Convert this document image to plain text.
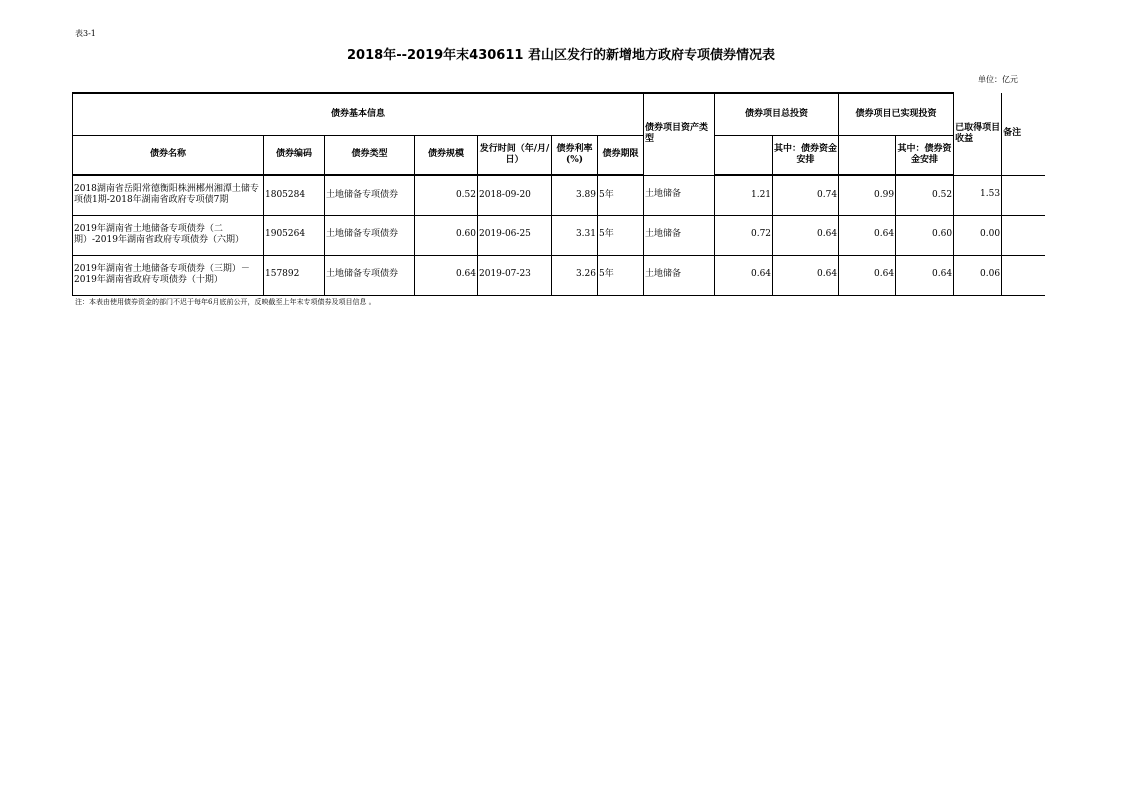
表3-1
2018年--2019年末430611 君山区发行的新增地方政府专项债券情况表
单位：亿元
债券基本信息							债券项目资产类型	债券项目总投资		债券项目已实现投资		已取得项目收益	备注
债券名称	债券编码	债券类型	债券规模	发行时间（年/月/日）	债券利率(%)	债券期限			其中：债券资金安排		其中：债券资金安排		
2018湖南省岳阳常德衡阳株洲郴州湘潭土储专项债1期-2018年湖南省政府专项债7期	1805284	土地储备专项债券	0.52	2018-09-20	3.89	5年	土地储备	1.21	0.74	0.99	0.52	1.53	
2019年湖南省土地储备专项债券（二期）-2019年湖南省政府专项债券（六期）	1905264	土地储备专项债券	0.60	2019-06-25	3.31	5年	土地储备	0.72	0.64	0.64	0.60	0.00	
2019年湖南省土地储备专项债券（三期）－2019年湖南省政府专项债券（十期）	157892	土地储备专项债券	0.64	2019-07-23	3.26	5年	土地储备	0.64	0.64	0.64	0.64	0.06	
注：本表由使用债券资金的部门不迟于每年6月底前公开，反映截至上年末专项债券及项目信息 。
